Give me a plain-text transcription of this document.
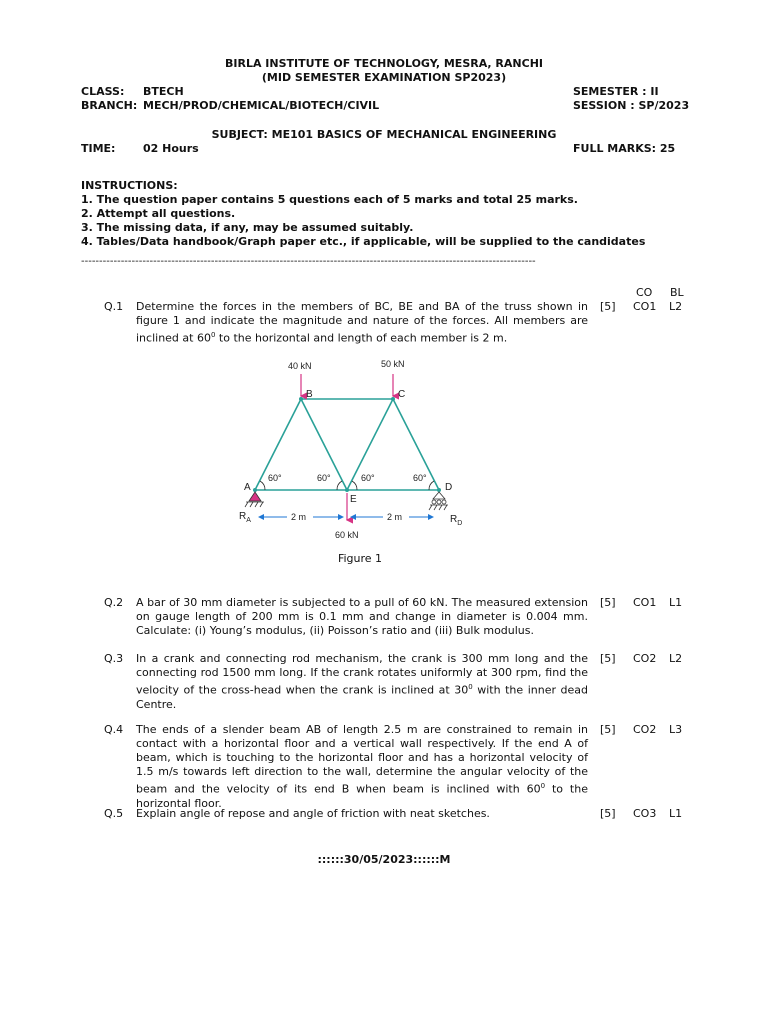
BIRLA INSTITUTE OF TECHNOLOGY, MESRA, RANCHI
(MID SEMESTER EXAMINATION SP2023)
CLASS: BTECH
BRANCH: MECH/PROD/CHEMICAL/BIOTECH/CIVIL
SEMESTER : II
SESSION : SP/2023
SUBJECT: ME101 BASICS OF MECHANICAL ENGINEERING
TIME:	02 Hours	FULL MARKS: 25
INSTRUCTIONS:
1. The question paper contains 5 questions each of 5 marks and total 25 marks.
2. Attempt all questions.
3. The missing data, if any, may be assumed suitably.
4. Tables/Data handbook/Graph paper etc., if applicable, will be supplied to the candidates
------------------------------------------------------------------------------------------------------------------------------
CO BL
Q.1 Determine the forces in the members of BC, BE and BA of the truss shown in figure 1 and indicate the magnitude and nature of the forces. All members are inclined at $60^0$ to the horizontal and length of each member is 2 m.
[5] CO1 L2
40 kN	50 kN
B	C
A	D
E
60°	60°	60°	60°
2 m	2 m
60 kN
$R_A$	$R_D$
Figure 1
Q.2 A bar of 30 mm diameter is subjected to a pull of 60 kN. The measured extension on gauge length of 200 mm is 0.1 mm and change in diameter is 0.004 mm. Calculate: (i) Young’s modulus, (ii) Poisson’s ratio and (iii) Bulk modulus.
[5] CO1 L1
Q.3 In a crank and connecting rod mechanism, the crank is 300 mm long and the connecting rod 1500 mm long. If the crank rotates uniformly at 300 rpm, find the velocity of the cross-head when the crank is inclined at $30^0$ with the inner dead Centre.
[5] CO2 L2
Q.4 The ends of a slender beam AB of length 2.5 m are constrained to remain in contact with a horizontal floor and a vertical wall respectively. If the end A of beam, which is touching to the horizontal floor and has a horizontal velocity of 1.5 m/s towards left direction to the wall, determine the angular velocity of the beam and the velocity of its end B when beam is inclined with $60^0$ to the horizontal floor.
[5] CO2 L3
Q.5 Explain angle of repose and angle of friction with neat sketches.	[5] CO3 L1
::::::30/05/2023::::::M
